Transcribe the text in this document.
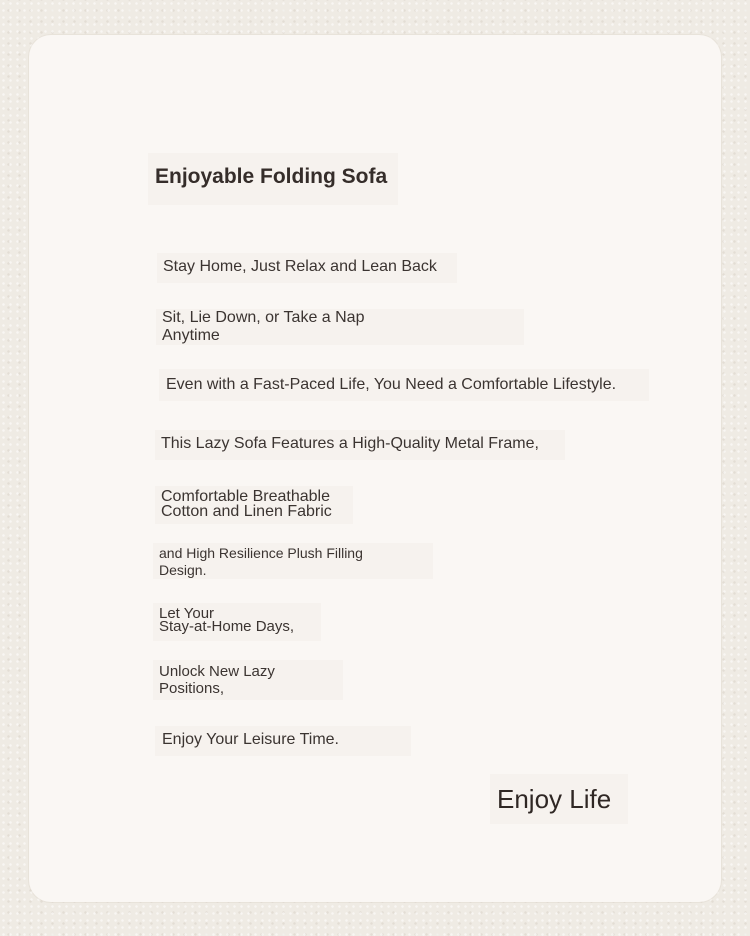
Enjoyable Folding Sofa

Stay Home, Just Relax and Lean Back

Sit, Lie Down, or Take a Nap
Anytime

Even with a Fast-Paced Life, You Need a Comfortable Lifestyle.

This Lazy Sofa Features a High-Quality Metal Frame,

Comfortable Breathable
Cotton and Linen Fabric
and High Resilience Plush Filling
Design.
Let Your
Stay-at-Home Days,
Unlock New Lazy
Positions,

Enjoy Your Leisure Time.

Enjoy Life
